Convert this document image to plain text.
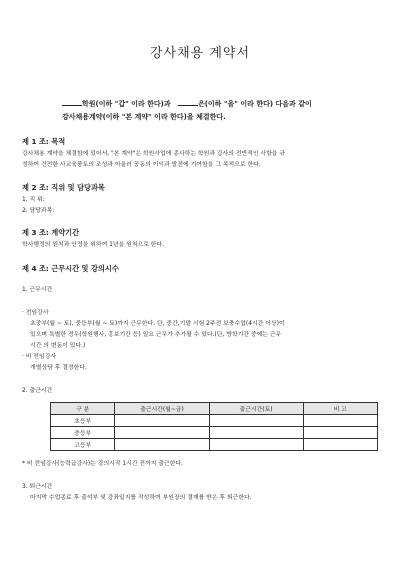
강사채용 계약서
학원(이하 "갑" 이라 한다)과	은(이하 "을" 이라 한다) 다음과 같이
강사채용계약(이하 "본 계약" 이라 한다)을 체결한다.
제 1 조: 목적
강사채용 계약을 체결함에 있어서, "본 계약"은 학원사업에 종사하는 학원과 강사의 전반적인 사항을 규
정하여 건전한 사교육풍토의 조성과 아울러 공동의 이익과 발전에 기여함을 그 목적으로 한다.
제 2 조: 직위 및 담당과목
1. 직 위:
2. 담당과목:
제 3 조: 계약기간
학사행정의 원칙과 안정을 위하여 1년을 원칙으로 한다.
제 4 조: 근무시간 및 강의시수
1. 근무시간
· 전임강사
초중부(월 ~ 토), 중등부(월 ~ 토)까지 근무한다. 단, 중간,기말 시험 2주전 보충수업(4시간 이상)이
있으며 특별한 경우(학원행사, 홍보기간 등) 일요 근무가 추가될 수 있다.(단, 방학기간 중에는 근무
시간 의 변동이 있다.)
· 비 전임강사
개별상담 후 결정한다.
2. 출근시간
구 분	출근시간(월~금)	출근시간(토)	비 고
초등부			
중등부			
고등부			
* 비 전임강사(능력급강사)는 강의시작 1시간 전까지 출근한다.
3. 퇴근시간
마지막 수업종료 후 출석부 및 강좌일지를 작성하여 부원장의 결재를 받은 후 퇴근한다.
